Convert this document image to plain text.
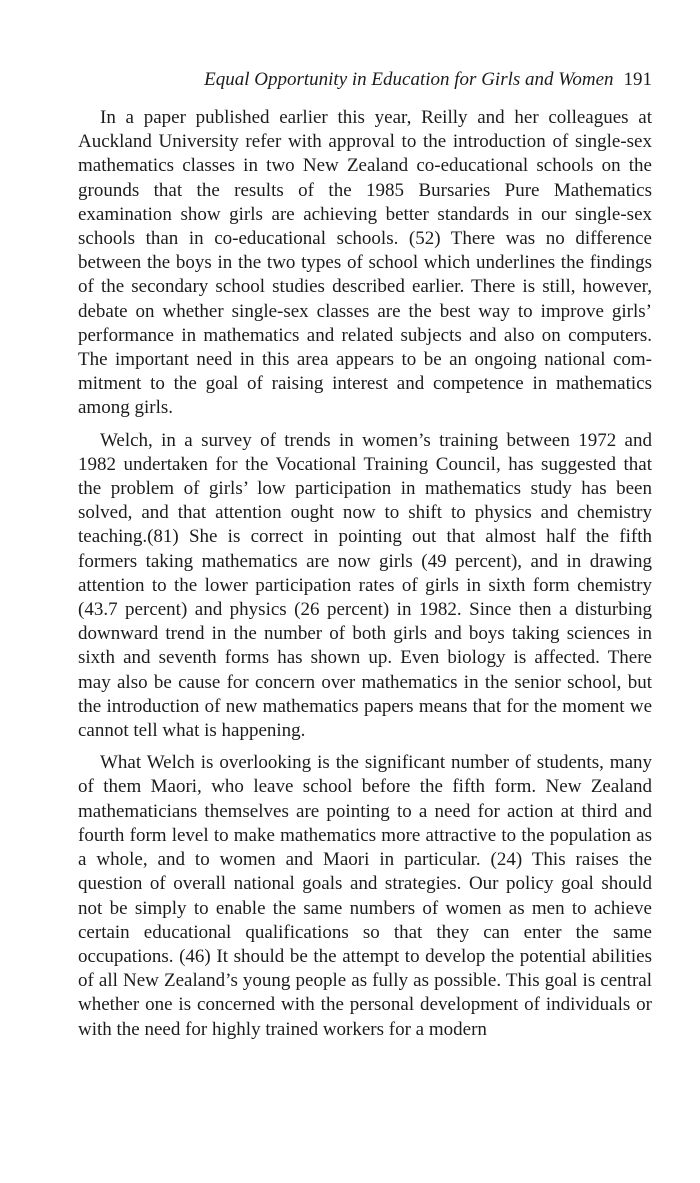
Equal Opportunity in Education for Girls and Women 191

In a paper published earlier this year, Reilly and her colleagues at Auckland University refer with approval to the introduction of single-sex mathematics classes in two New Zealand co-educational schools on the grounds that the results of the 1985 Bursaries Pure Mathematics examination show girls are achieving better standards in our single-sex schools than in co-educational schools. (52) There was no difference between the boys in the two types of school which underlines the findings of the secondary school studies described earlier. There is still, however, debate on whether single-sex classes are the best way to improve girls’ performance in mathematics and related subjects and also on computers. The important need in this area appears to be an ongoing national commitment to the goal of raising interest and competence in mathematics among girls.

Welch, in a survey of trends in women’s training between 1972 and 1982 undertaken for the Vocational Training Council, has suggested that the problem of girls’ low participation in mathematics study has been solved, and that attention ought now to shift to physics and chemistry teaching.(81) She is correct in pointing out that almost half the fifth formers taking mathematics are now girls (49 percent), and in drawing attention to the lower participation rates of girls in sixth form chemistry (43.7 percent) and physics (26 percent) in 1982. Since then a disturbing downward trend in the number of both girls and boys taking sciences in sixth and seventh forms has shown up. Even biology is affected. There may also be cause for concern over mathematics in the senior school, but the introduction of new mathematics papers means that for the moment we cannot tell what is happening.

What Welch is overlooking is the significant number of students, many of them Maori, who leave school before the fifth form. New Zealand mathematicians themselves are pointing to a need for action at third and fourth form level to make mathematics more attractive to the population as a whole, and to women and Maori in particular. (24) This raises the question of overall national goals and strategies. Our policy goal should not be simply to enable the same numbers of women as men to achieve certain educational qualifications so that they can enter the same occupations. (46) It should be the attempt to develop the potential abilities of all New Zealand’s young people as fully as possible. This goal is central whether one is concerned with the personal development of individuals or with the need for highly trained workers for a modern
